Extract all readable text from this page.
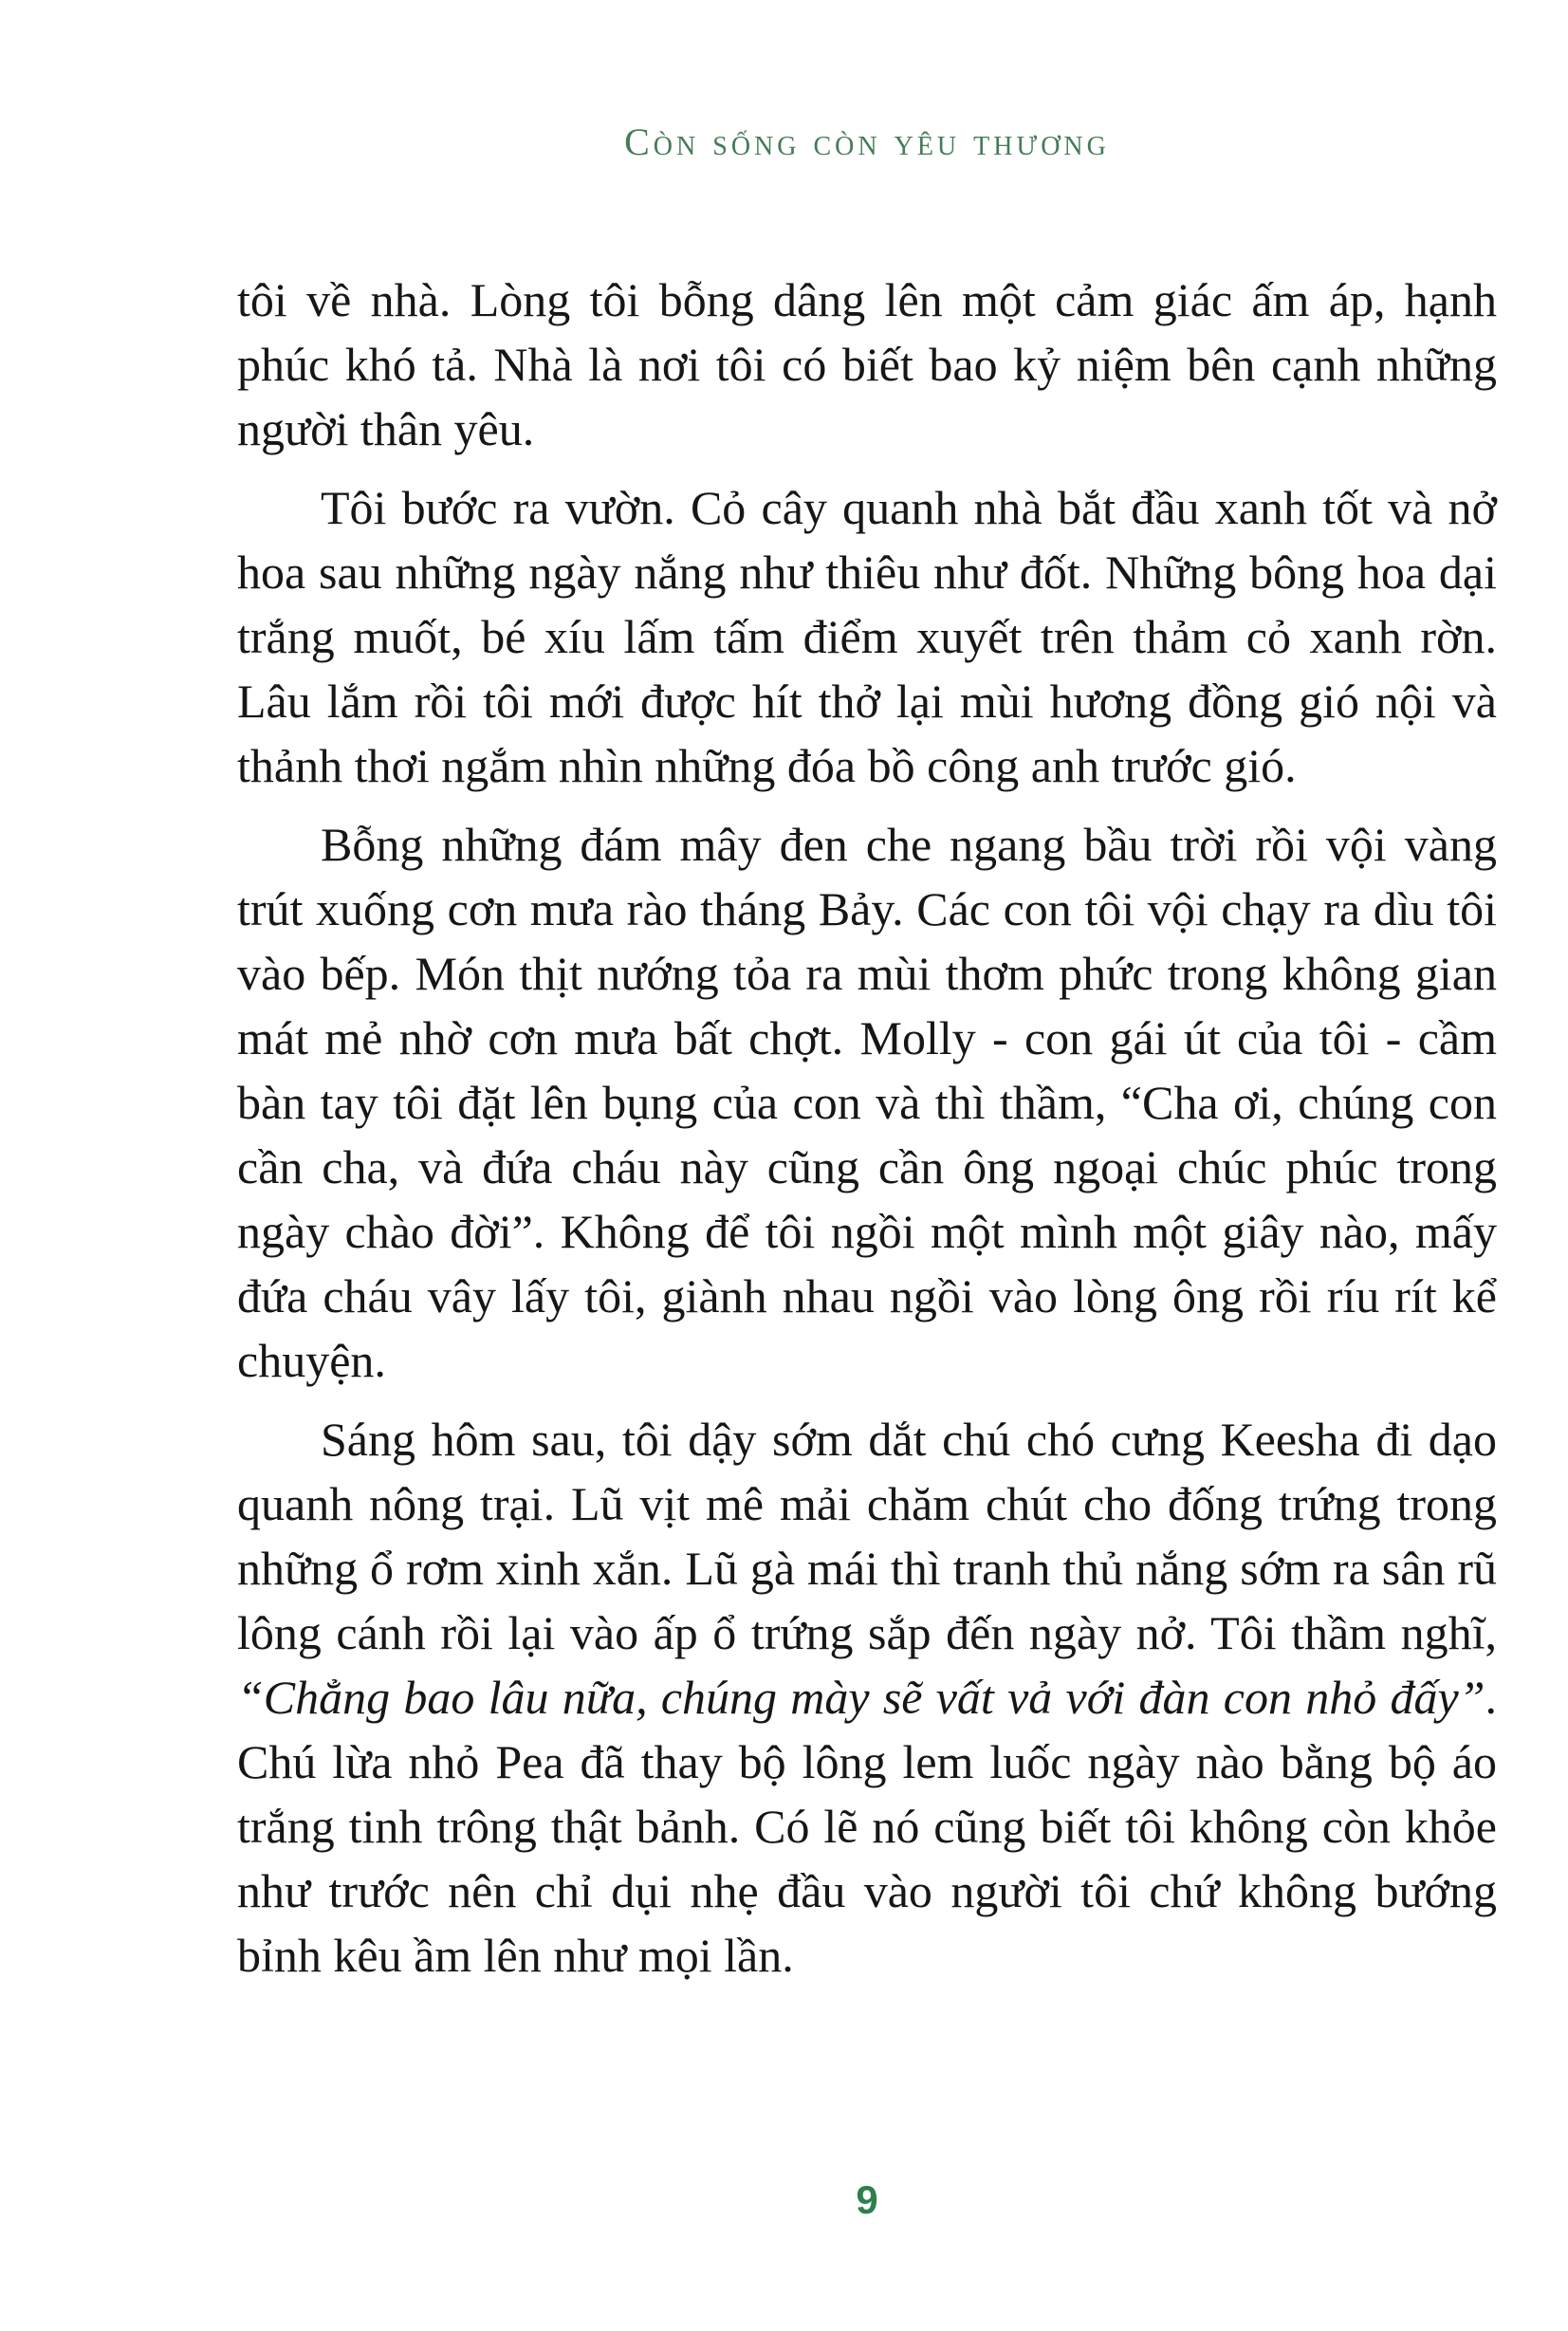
Còn sống còn yêu thương

tôi về nhà. Lòng tôi bỗng dâng lên một cảm giác ấm áp, hạnh phúc khó tả. Nhà là nơi tôi có biết bao kỷ niệm bên cạnh những người thân yêu.

Tôi bước ra vườn. Cỏ cây quanh nhà bắt đầu xanh tốt và nở hoa sau những ngày nắng như thiêu như đốt. Những bông hoa dại trắng muốt, bé xíu lấm tấm điểm xuyết trên thảm cỏ xanh rờn. Lâu lắm rồi tôi mới được hít thở lại mùi hương đồng gió nội và thảnh thơi ngắm nhìn những đóa bồ công anh trước gió.

Bỗng những đám mây đen che ngang bầu trời rồi vội vàng trút xuống cơn mưa rào tháng Bảy. Các con tôi vội chạy ra dìu tôi vào bếp. Món thịt nướng tỏa ra mùi thơm phức trong không gian mát mẻ nhờ cơn mưa bất chợt. Molly - con gái út của tôi - cầm bàn tay tôi đặt lên bụng của con và thì thầm, “Cha ơi, chúng con cần cha, và đứa cháu này cũng cần ông ngoại chúc phúc trong ngày chào đời”. Không để tôi ngồi một mình một giây nào, mấy đứa cháu vây lấy tôi, giành nhau ngồi vào lòng ông rồi ríu rít kể chuyện.

Sáng hôm sau, tôi dậy sớm dắt chú chó cưng Keesha đi dạo quanh nông trại. Lũ vịt mê mải chăm chút cho đống trứng trong những ổ rơm xinh xắn. Lũ gà mái thì tranh thủ nắng sớm ra sân rũ lông cánh rồi lại vào ấp ổ trứng sắp đến ngày nở. Tôi thầm nghĩ, “Chẳng bao lâu nữa, chúng mày sẽ vất vả với đàn con nhỏ đấy”. Chú lừa nhỏ Pea đã thay bộ lông lem luốc ngày nào bằng bộ áo trắng tinh trông thật bảnh. Có lẽ nó cũng biết tôi không còn khỏe như trước nên chỉ dụi nhẹ đầu vào người tôi chứ không bướng bỉnh kêu ầm lên như mọi lần.

9
